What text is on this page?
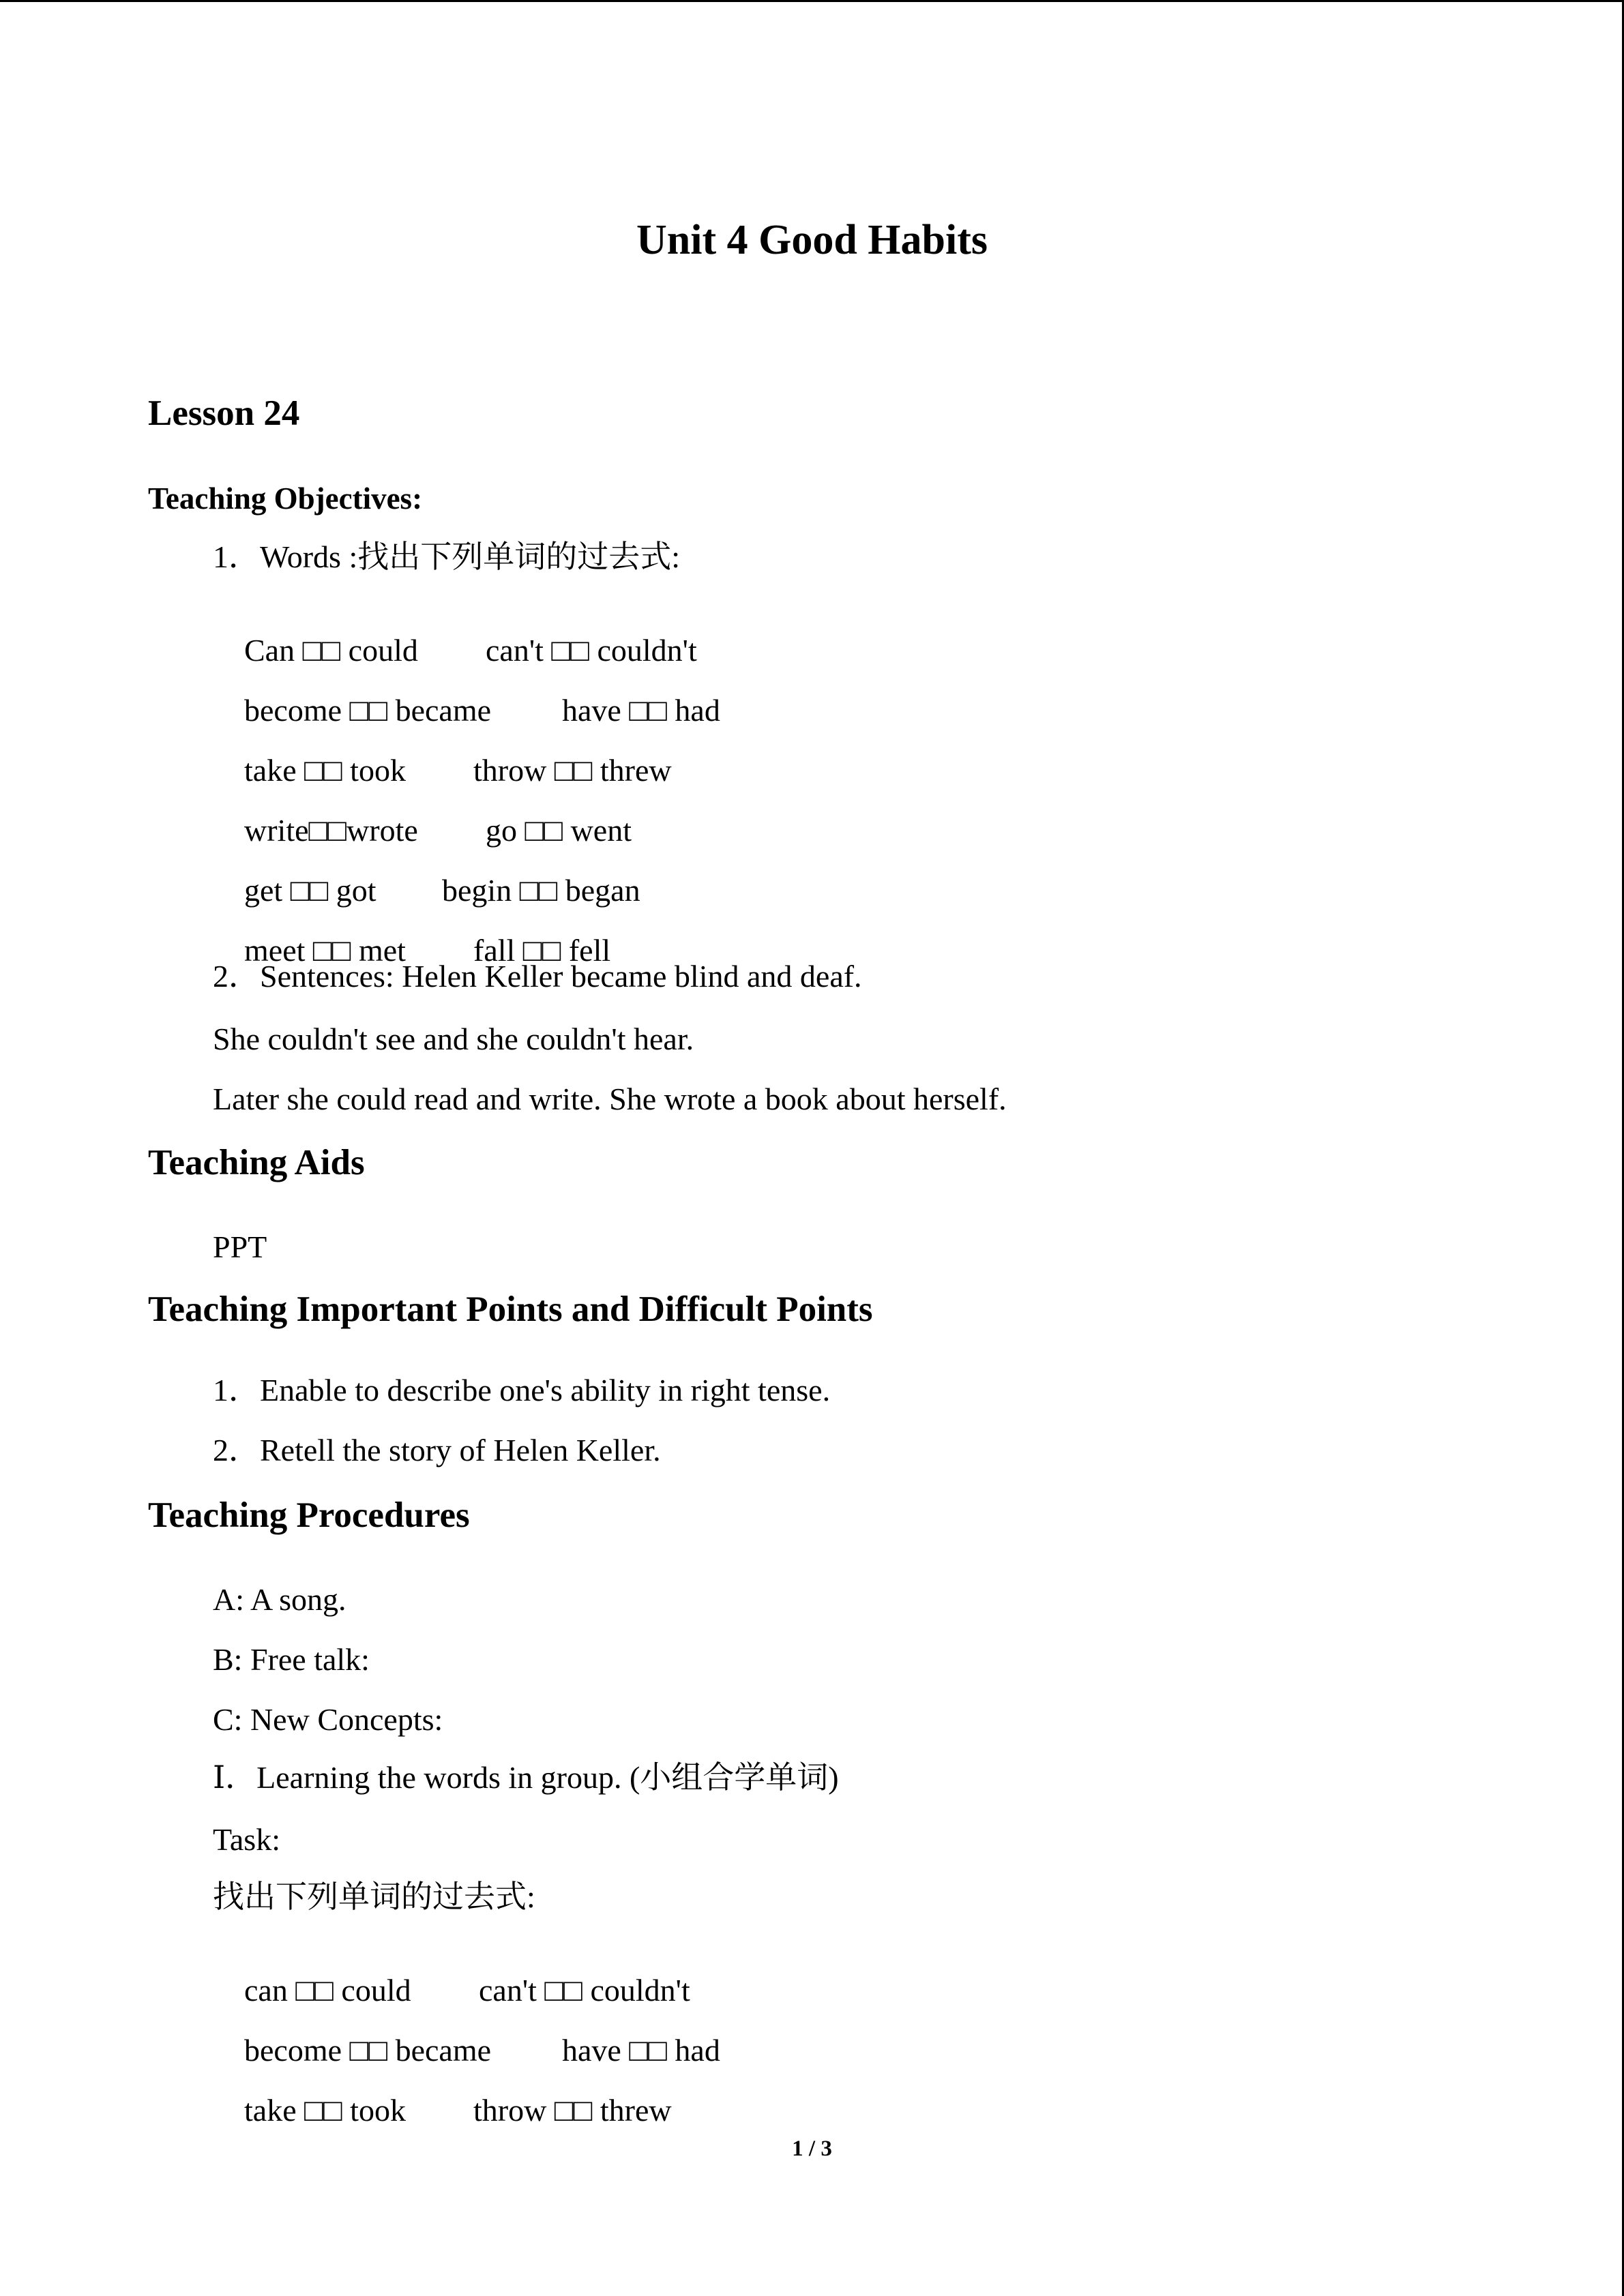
Unit 4 Good Habits
Lesson 24
Teaching Objectives:
1．Words :找出下列单词的过去式:

Can □□ could can't □□ couldn't

become □□ became have □□ had

take □□ took throw □□ threw

write□□wrote go □□ went

get □□ got begin □□ began

meet □□ met fall □□ fell

2．Sentences: Helen Keller became blind and deaf.
She couldn't see and she couldn't hear.
Later she could read and write. She wrote a book about herself.
Teaching Aids
PPT
Teaching Important Points and Difficult Points
1．Enable to describe one's ability in right tense.
2．Retell the story of Helen Keller.
Teaching Procedures
A: A song.
B: Free talk:
C: New Concepts:
Ⅰ．Learning the words in group. (小组合学单词)
Task:
找出下列单词的过去式:

can □□ could can't □□ couldn't

become □□ became have □□ had

take □□ took throw □□ threw

1 / 3
